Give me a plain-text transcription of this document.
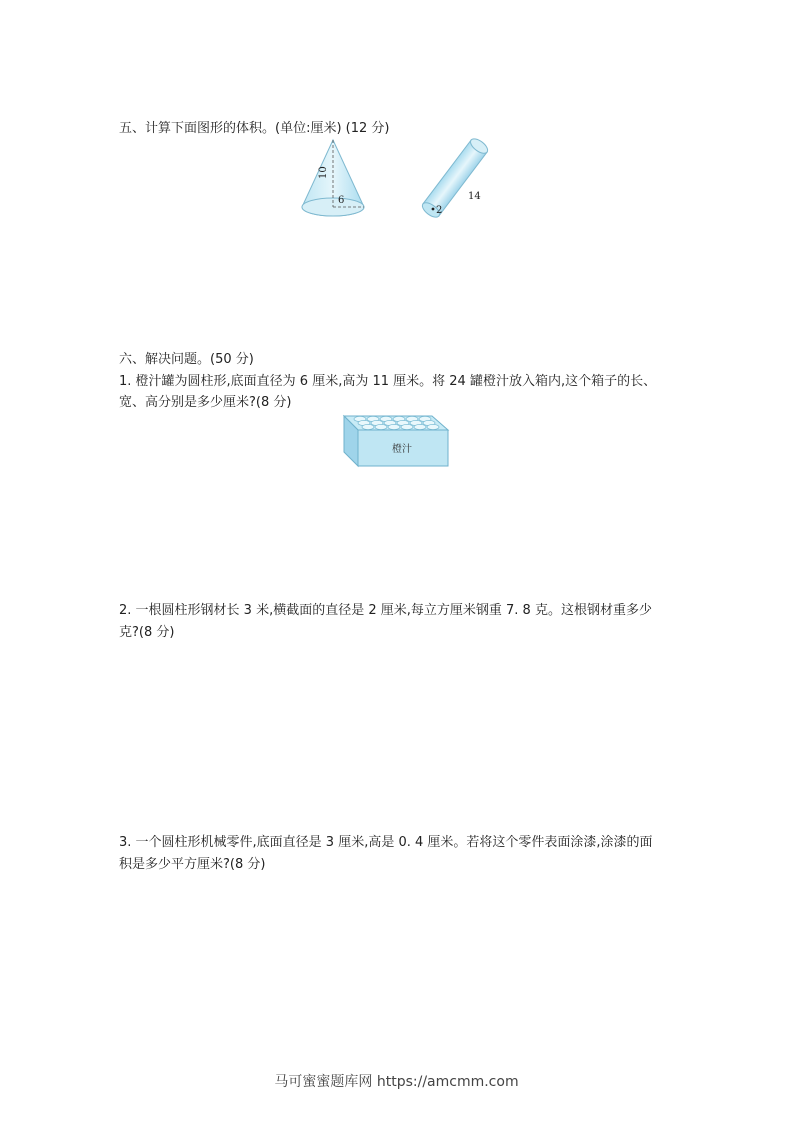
五、计算下面图形的体积。(单位:厘米) (12 分)
10
6
2
14
六、解决问题。(50 分)
1. 橙汁罐为圆柱形,底面直径为 6 厘米,高为 11 厘米。将 24 罐橙汁放入箱内,这个箱子的长、
宽、高分别是多少厘米?(8 分)
橙汁
2. 一根圆柱形钢材长 3 米,横截面的直径是 2 厘米,每立方厘米钢重 7. 8 克。这根钢材重多少
克?(8 分)
3. 一个圆柱形机械零件,底面直径是 3 厘米,高是 0. 4 厘米。若将这个零件表面涂漆,涂漆的面
积是多少平方厘米?(8 分)
马可蜜蜜题库网 https://amcmm.com
